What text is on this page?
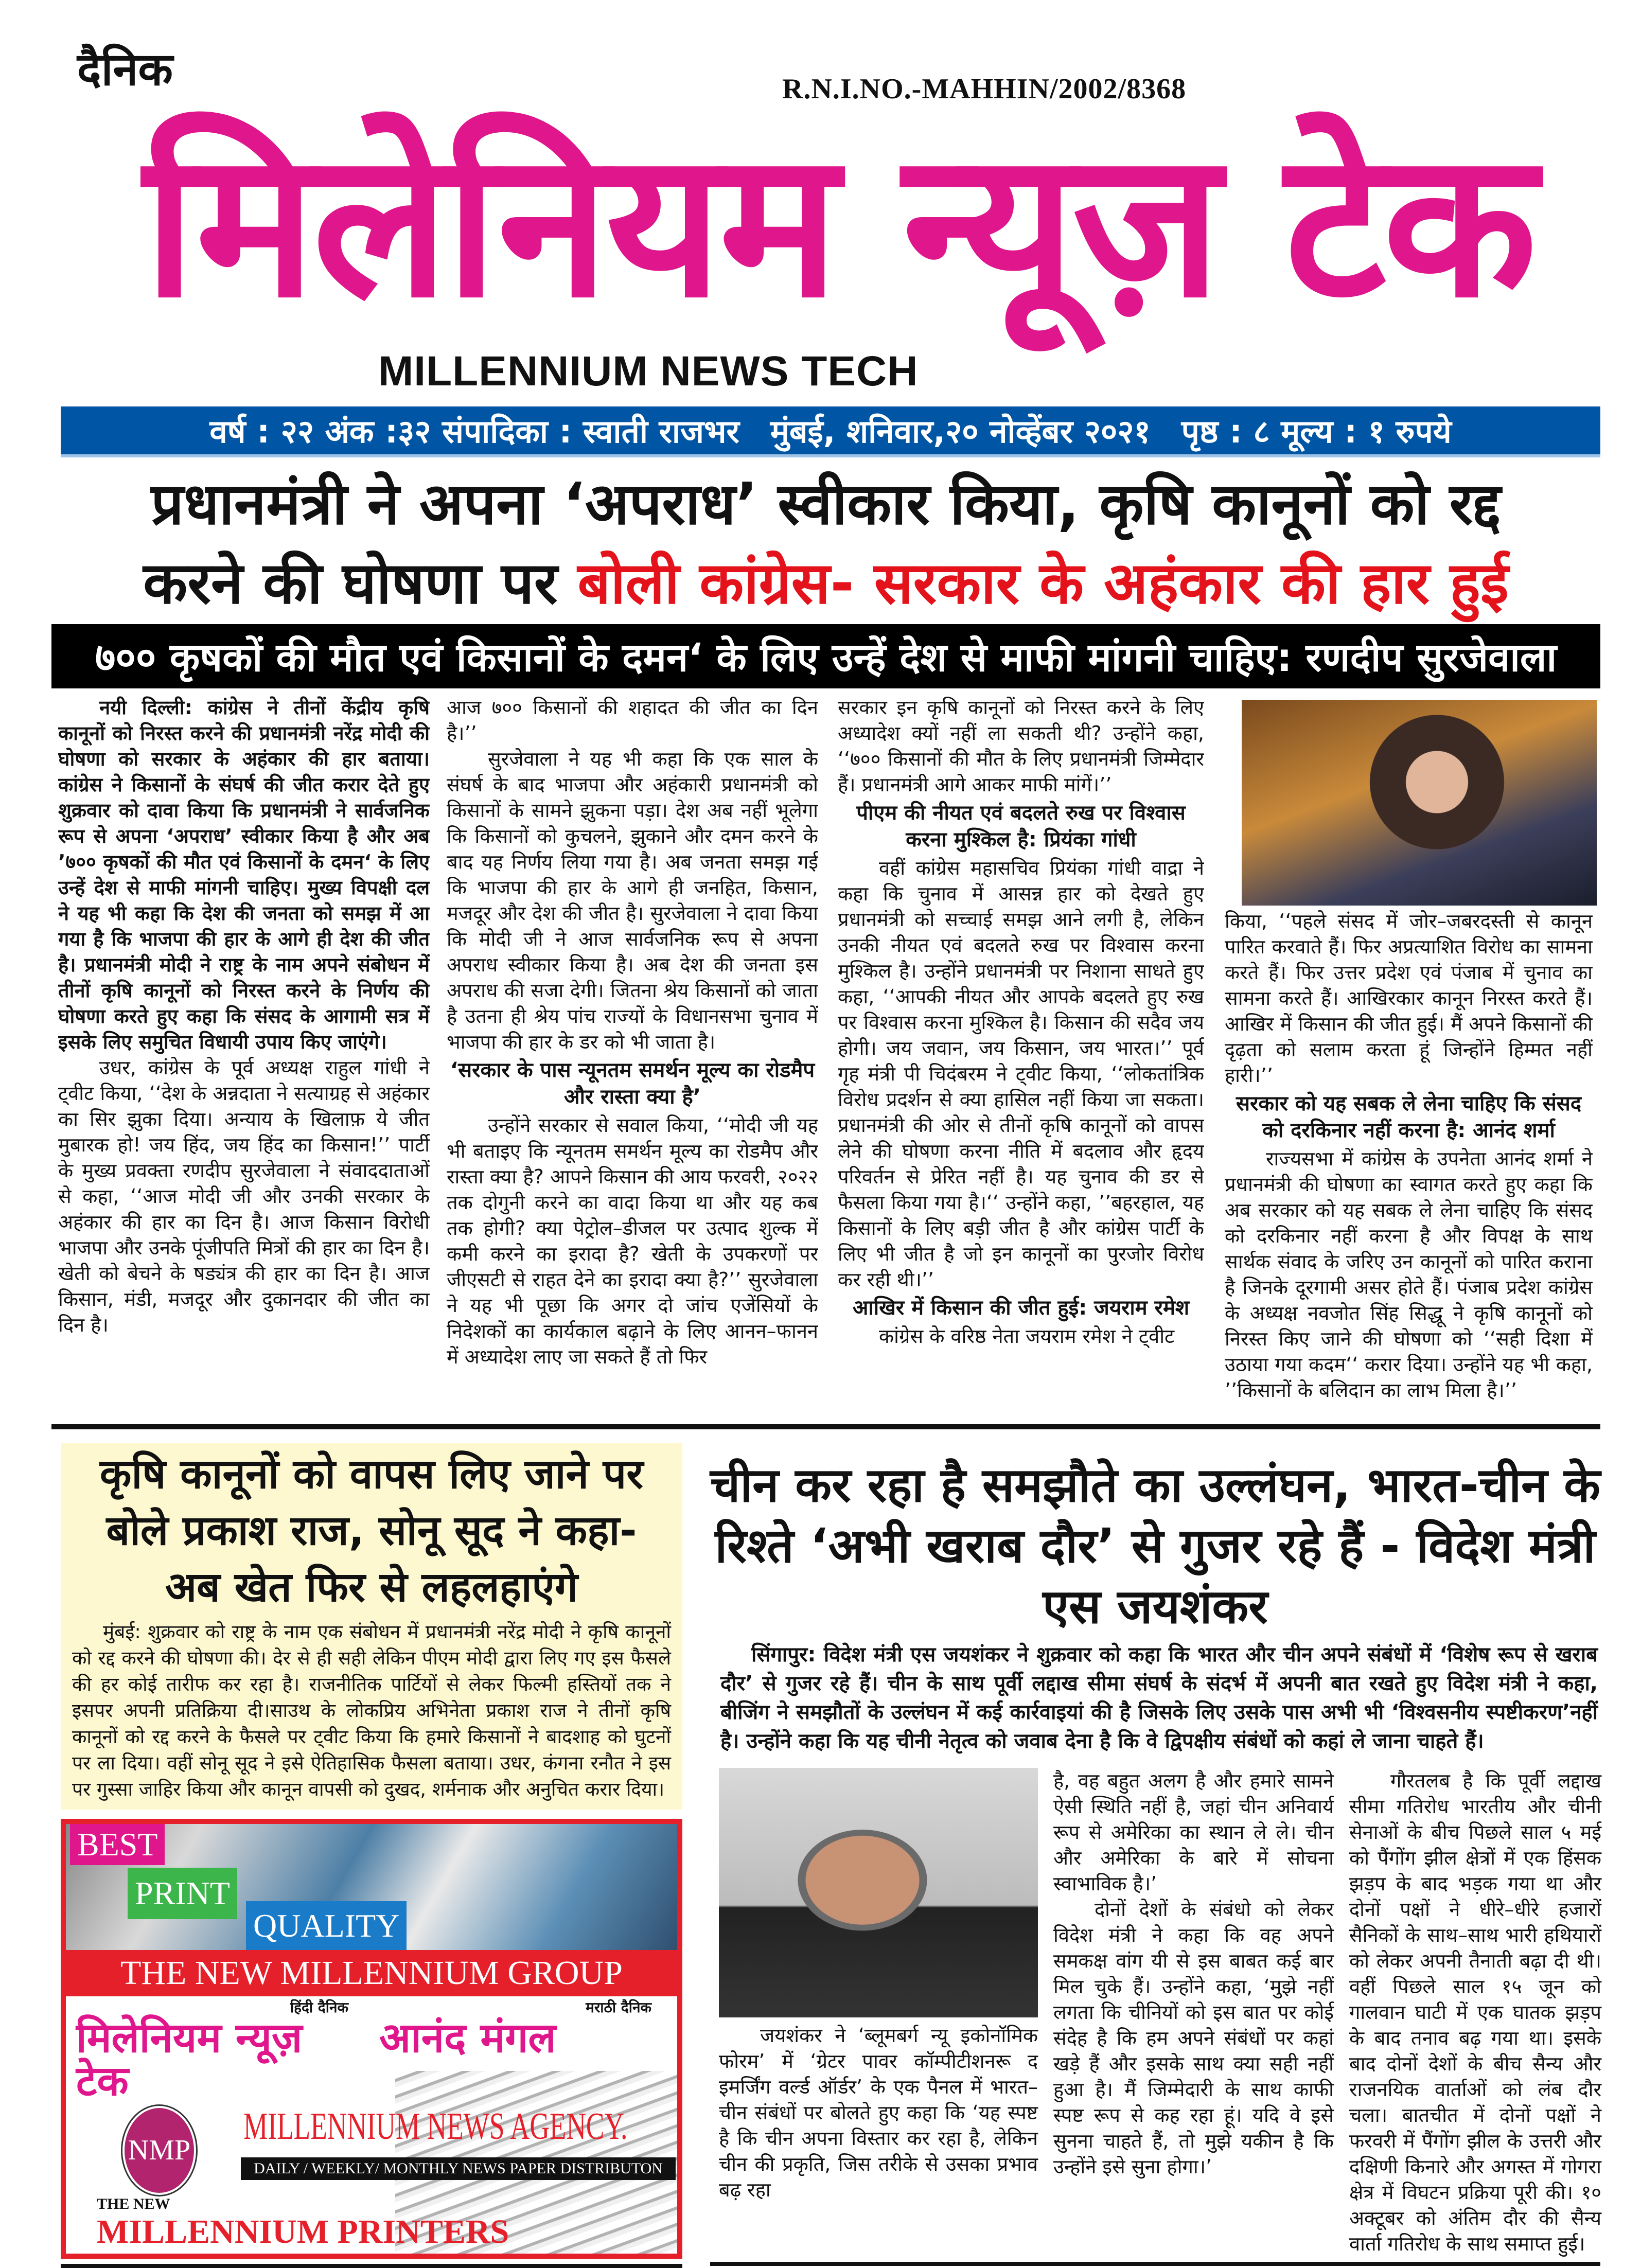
दैनिक	R.N.I.NO.-MAHHIN/2002/8368
मिलेनियम न्यूज़ टेक
MILLENNIUM NEWS TECH
वर्ष : २२ अंक :३२ संपादिका : स्वाती राजभर मुंबई, शनिवार,२० नोव्हेंबर २०२१ पृष्ठ : ८ मूल्य : १ रुपये
प्रधानमंत्री ने अपना ‘अपराध’ स्वीकार किया, कृषि कानूनों को रद्द
करने की घोषणा पर बोली कांग्रेस- सरकार के अहंकार की हार हुई
७०० कृषकों की मौत एवं किसानों के दमन‘ के लिए उन्हें देश से माफी मांगनी चाहिए: रणदीप सुरजेवाला

नयी दिल्ली: कांग्रेस ने तीनों केंद्रीय कृषि कानूनों को निरस्त करने की प्रधानमंत्री नरेंद्र मोदी की घोषणा को सरकार के अहंकार की हार बताया। कांग्रेस ने किसानों के संघर्ष की जीत करार देते हुए शुक्रवार को दावा किया कि प्रधानमंत्री ने सार्वजनिक रूप से अपना ‘अपराध’ स्वीकार किया है और अब ’७०० कृषकों की मौत एवं किसानों के दमन‘ के लिए उन्हें देश से माफी मांगनी चाहिए। मुख्य विपक्षी दल ने यह भी कहा कि देश की जनता को समझ में आ गया है कि भाजपा की हार के आगे ही देश की जीत है। प्रधानमंत्री मोदी ने राष्ट्र के नाम अपने संबोधन में तीनों कृषि कानूनों को निरस्त करने के निर्णय की घोषणा करते हुए कहा कि संसद के आगामी सत्र में इसके लिए समुचित विधायी उपाय किए जाएंगे।

उधर, कांग्रेस के पूर्व अध्यक्ष राहुल गांधी ने ट्वीट किया, ‘‘देश के अन्नदाता ने सत्याग्रह से अहंकार का सिर झुका दिया। अन्याय के खिलाफ़ ये जीत मुबारक हो! जय हिंद, जय हिंद का किसान!’’ पार्टी के मुख्य प्रवक्ता रणदीप सुरजेवाला ने संवाददाताओं से कहा, ‘‘आज मोदी जी और उनकी सरकार के अहंकार की हार का दिन है। आज किसान विरोधी भाजपा और उनके पूंजीपति मित्रों की हार का दिन है। खेती को बेचने के षड्यंत्र की हार का दिन है। आज किसान, मंडी, मजदूर और दुकानदार की जीत का दिन है।

आज ७०० किसानों की शहादत की जीत का दिन है।’’

सुरजेवाला ने यह भी कहा कि एक साल के संघर्ष के बाद भाजपा और अहंकारी प्रधानमंत्री को किसानों के सामने झुकना पड़ा। देश अब नहीं भूलेगा कि किसानों को कुचलने, झुकाने और दमन करने के बाद यह निर्णय लिया गया है। अब जनता समझ गई कि भाजपा की हार के आगे ही जनहित, किसान, मजदूर और देश की जीत है। सुरजेवाला ने दावा किया कि मोदी जी ने आज सार्वजनिक रूप से अपना अपराध स्वीकार किया है। अब देश की जनता इस अपराध की सजा देगी। जितना श्रेय किसानों को जाता है उतना ही श्रेय पांच राज्यों के विधानसभा चुनाव में भाजपा की हार के डर को भी जाता है।

‘सरकार के पास न्यूनतम समर्थन मूल्य का रोडमैप और रास्ता क्या है’

उन्होंने सरकार से सवाल किया, ‘‘मोदी जी यह भी बताइए कि न्यूनतम समर्थन मूल्य का रोडमैप और रास्ता क्या है? आपने किसान की आय फरवरी, २०२२ तक दोगुनी करने का वादा किया था और यह कब तक होगी? क्या पेट्रोल–डीजल पर उत्पाद शुल्क में कमी करने का इरादा है? खेती के उपकरणों पर जीएसटी से राहत देने का इरादा क्या है?’’ सुरजेवाला ने यह भी पूछा कि अगर दो जांच एजेंसियों के निदेशकों का कार्यकाल बढ़ाने के लिए आनन–फानन में अध्यादेश लाए जा सकते हैं तो फिर

सरकार इन कृषि कानूनों को निरस्त करने के लिए अध्यादेश क्यों नहीं ला सकती थी? उन्होंने कहा, ‘‘७०० किसानों की मौत के लिए प्रधानमंत्री जिम्मेदार हैं। प्रधानमंत्री आगे आकर माफी मांगें।’’

पीएम की नीयत एवं बदलते रुख पर विश्वास करना मुश्किल है: प्रियंका गांधी

वहीं कांग्रेस महासचिव प्रियंका गांधी वाद्रा ने कहा कि चुनाव में आसन्न हार को देखते हुए प्रधानमंत्री को सच्चाई समझ आने लगी है, लेकिन उनकी नीयत एवं बदलते रुख पर विश्वास करना मुश्किल है। उन्होंने प्रधानमंत्री पर निशाना साधते हुए कहा, ‘‘आपकी नीयत और आपके बदलते हुए रुख पर विश्वास करना मुश्किल है। किसान की सदैव जय होगी। जय जवान, जय किसान, जय भारत।’’ पूर्व गृह मंत्री पी चिदंबरम ने ट्वीट किया, ‘‘लोकतांत्रिक विरोध प्रदर्शन से क्या हासिल नहीं किया जा सकता। प्रधानमंत्री की ओर से तीनों कृषि कानूनों को वापस लेने की घोषणा करना नीति में बदलाव और हृदय परिवर्तन से प्रेरित नहीं है। यह चुनाव की डर से फैसला किया गया है।‘‘ उन्होंने कहा, ’’बहरहाल, यह किसानों के लिए बड़ी जीत है और कांग्रेस पार्टी के लिए भी जीत है जो इन कानूनों का पुरजोर विरोध कर रही थी।’’

आखिर में किसान की जीत हुई: जयराम रमेश

कांग्रेस के वरिष्ठ नेता जयराम रमेश ने ट्वीट

किया, ‘‘पहले संसद में जोर–जबरदस्ती से कानून पारित करवाते हैं। फिर अप्रत्याशित विरोध का सामना करते हैं। फिर उत्तर प्रदेश एवं पंजाब में चुनाव का सामना करते हैं। आखिरकार कानून निरस्त करते हैं। आखिर में किसान की जीत हुई। मैं अपने किसानों की दृढ़ता को सलाम करता हूं जिन्होंने हिम्मत नहीं हारी।’’

सरकार को यह सबक ले लेना चाहिए कि संसद को दरकिनार नहीं करना है: आनंद शर्मा

राज्यसभा में कांग्रेस के उपनेता आनंद शर्मा ने प्रधानमंत्री की घोषणा का स्वागत करते हुए कहा कि अब सरकार को यह सबक ले लेना चाहिए कि संसद को दरकिनार नहीं करना है और विपक्ष के साथ सार्थक संवाद के जरिए उन कानूनों को पारित कराना है जिनके दूरगामी असर होते हैं। पंजाब प्रदेश कांग्रेस के अध्यक्ष नवजोत सिंह सिद्धू ने कृषि कानूनों को निरस्त किए जाने की घोषणा को ‘‘सही दिशा में उठाया गया कदम‘‘ करार दिया। उन्होंने यह भी कहा, ’’किसानों के बलिदान का लाभ मिला है।’’

कृषि कानूनों को वापस लिए जाने पर बोले प्रकाश राज, सोनू सूद ने कहा- अब खेत फिर से लहलहाएंगे

मुंबई: शुक्रवार को राष्ट्र के नाम एक संबोधन में प्रधानमंत्री नरेंद्र मोदी ने कृषि कानूनों को रद्द करने की घोषणा की। देर से ही सही लेकिन पीएम मोदी द्वारा लिए गए इस फैसले की हर कोई तारीफ कर रहा है। राजनीतिक पार्टियों से लेकर फिल्मी हस्तियों तक ने इसपर अपनी प्रतिक्रिया दी।साउथ के लोकप्रिय अभिनेता प्रकाश राज ने तीनों कृषि कानूनों को रद्द करने के फैसले पर ट्वीट किया कि हमारे किसानों ने बादशाह को घुटनों पर ला दिया। वहीं सोनू सूद ने इसे ऐतिहासिक फैसला बताया। उधर, कंगना रनौत ने इस पर गुस्सा जाहिर किया और कानून वापसी को दुखद, शर्मनाक और अनुचित करार दिया।

BEST
PRINT
QUALITY
THE NEW MILLENNIUM GROUP
हिंदी दैनिक
मिलेनियम न्यूज़ टेक
मराठी दैनिक
आनंद मंगल
NMP
MILLENNIUM NEWS AGENCY.
DAILY / WEEKLY/ MONTHLY NEWS PAPER DISTRIBUTON
THE NEW
MILLENNIUM PRINTERS
चीन कर रहा है समझौते का उल्लंघन, भारत-चीन के रिश्ते ‘अभी खराब दौर’ से गुजर रहे हैं - विदेश मंत्री एस जयशंकर

सिंगापुर: विदेश मंत्री एस जयशंकर ने शुक्रवार को कहा कि भारत और चीन अपने संबंधों में ‘विशेष रूप से खराब दौर’ से गुजर रहे हैं। चीन के साथ पूर्वी लद्दाख सीमा संघर्ष के संदर्भ में अपनी बात रखते हुए विदेश मंत्री ने कहा, बीजिंग ने समझौतों के उल्लंघन में कई कार्रवाइयां की है जिसके लिए उसके पास अभी भी ‘विश्वसनीय स्पष्टीकरण’नहीं है। उन्होंने कहा कि यह चीनी नेतृत्व को जवाब देना है कि वे द्विपक्षीय संबंधों को कहां ले जाना चाहते हैं।

जयशंकर ने ‘ब्लूमबर्ग न्यू इकोनॉमिक फोरम’ में ‘ग्रेटर पावर कॉम्पीटीशनरू द इमर्जिंग वर्ल्ड ऑर्डर’ के एक पैनल में भारत–चीन संबंधों पर बोलते हुए कहा कि ‘यह स्पष्ट है कि चीन अपना विस्तार कर रहा है, लेकिन चीन की प्रकृति, जिस तरीके से उसका प्रभाव बढ़ रहा

है, वह बहुत अलग है और हमारे सामने ऐसी स्थिति नहीं है, जहां चीन अनिवार्य रूप से अमेरिका का स्थान ले ले। चीन और अमेरिका के बारे में सोचना स्वाभाविक है।’

दोनों देशों के संबंधो को लेकर विदेश मंत्री ने कहा कि वह अपने समकक्ष वांग यी से इस बाबत कई बार मिल चुके हैं। उन्होंने कहा, ‘मुझे नहीं लगता कि चीनियों को इस बात पर कोई संदेह है कि हम अपने संबंधों पर कहां खड़े हैं और इसके साथ क्या सही नहीं हुआ है। मैं जिम्मेदारी के साथ काफी स्पष्ट रूप से कह रहा हूं। यदि वे इसे सुनना चाहते हैं, तो मुझे यकीन है कि उन्होंने इसे सुना होगा।’

गौरतलब है कि पूर्वी लद्दाख सीमा गतिरोध भारतीय और चीनी सेनाओं के बीच पिछले साल ५ मई को पैंगोंग झील क्षेत्रों में एक हिंसक झड़प के बाद भड़क गया था और दोनों पक्षों ने धीरे–धीरे हजारों सैनिकों के साथ–साथ भारी हथियारों को लेकर अपनी तैनाती बढ़ा दी थी। वहीं पिछले साल १५ जून को गालवान घाटी में एक घातक झड़प के बाद तनाव बढ़ गया था। इसके बाद दोनों देशों के बीच सैन्य और राजनयिक वार्ताओं को लंब दौर चला। बातचीत में दोनों पक्षों ने फरवरी में पैंगोंग झील के उत्तरी और दक्षिणी किनारे और अगस्त में गोगरा क्षेत्र में विघटन प्रक्रिया पूरी की। १० अक्टूबर को अंतिम दौर की सैन्य वार्ता गतिरोध के साथ समाप्त हुई।
